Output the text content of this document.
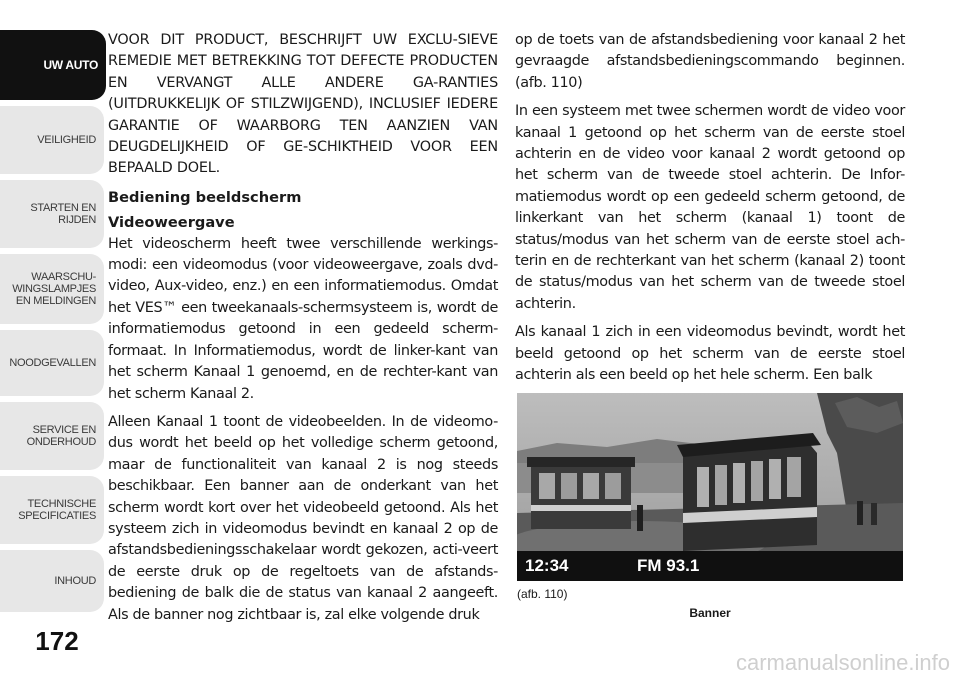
UW AUTO
VEILIGHEID
STARTEN EN
RIJDEN
WAARSCHU-
WINGSLAMPJES
EN MELDINGEN
NOODGEVALLEN
SERVICE EN
ONDERHOUD
TECHNISCHE
SPECIFICATIES
INHOUD
172

VOOR DIT PRODUCT, BESCHRIJFT UW EXCLU-SIEVE REMEDIE MET BETREKKING TOT DEFECTE PRODUCTEN EN VERVANGT ALLE ANDERE GA-RANTIES (UITDRUKKELIJK OF STILZWIJGEND), INCLUSIEF IEDERE GARANTIE OF WAARBORG TEN AANZIEN VAN DEUGDELIJKHEID OF GE-SCHIKTHEID VOOR EEN BEPAALD DOEL.

Bediening beeldscherm
Videoweergave

Het videoscherm heeft twee verschillende werkings-modi: een videomodus (voor videoweergave, zoals dvd-video, Aux-video, enz.) en een informatiemodus. Omdat het VES™ een tweekanaals-schermsysteem is, wordt de informatiemodus getoond in een gedeeld scherm-formaat. In Informatiemodus, wordt de linker-kant van het scherm Kanaal 1 genoemd, en de rechter-kant van het scherm Kanaal 2.

Alleen Kanaal 1 toont de videobeelden. In de videomo-dus wordt het beeld op het volledige scherm getoond, maar de functionaliteit van kanaal 2 is nog steeds beschikbaar. Een banner aan de onderkant van het scherm wordt kort over het videobeeld getoond. Als het systeem zich in videomodus bevindt en kanaal 2 op de afstandsbedieningsschakelaar wordt gekozen, acti-veert de eerste druk op de regeltoets van de afstands-bediening de balk die de status van kanaal 2 aangeeft. Als de banner nog zichtbaar is, zal elke volgende druk

op de toets van de afstandsbediening voor kanaal 2 het gevraagde afstandsbedieningscommando beginnen. (afb. 110)

In een systeem met twee schermen wordt de video voor kanaal 1 getoond op het scherm van de eerste stoel achterin en de video voor kanaal 2 wordt getoond op het scherm van de tweede stoel achterin. De Infor-matiemodus wordt op een gedeeld scherm getoond, de linkerkant van het scherm (kanaal 1) toont de status/modus van het scherm van de eerste stoel ach-terin en de rechterkant van het scherm (kanaal 2) toont de status/modus van het scherm van de tweede stoel achterin.

Als kanaal 1 zich in een videomodus bevindt, wordt het beeld getoond op het scherm van de eerste stoel achterin als een beeld op het hele scherm. Een balk

12:34	FM 93.1
(afb. 110)
Banner
carmanualsonline.info
